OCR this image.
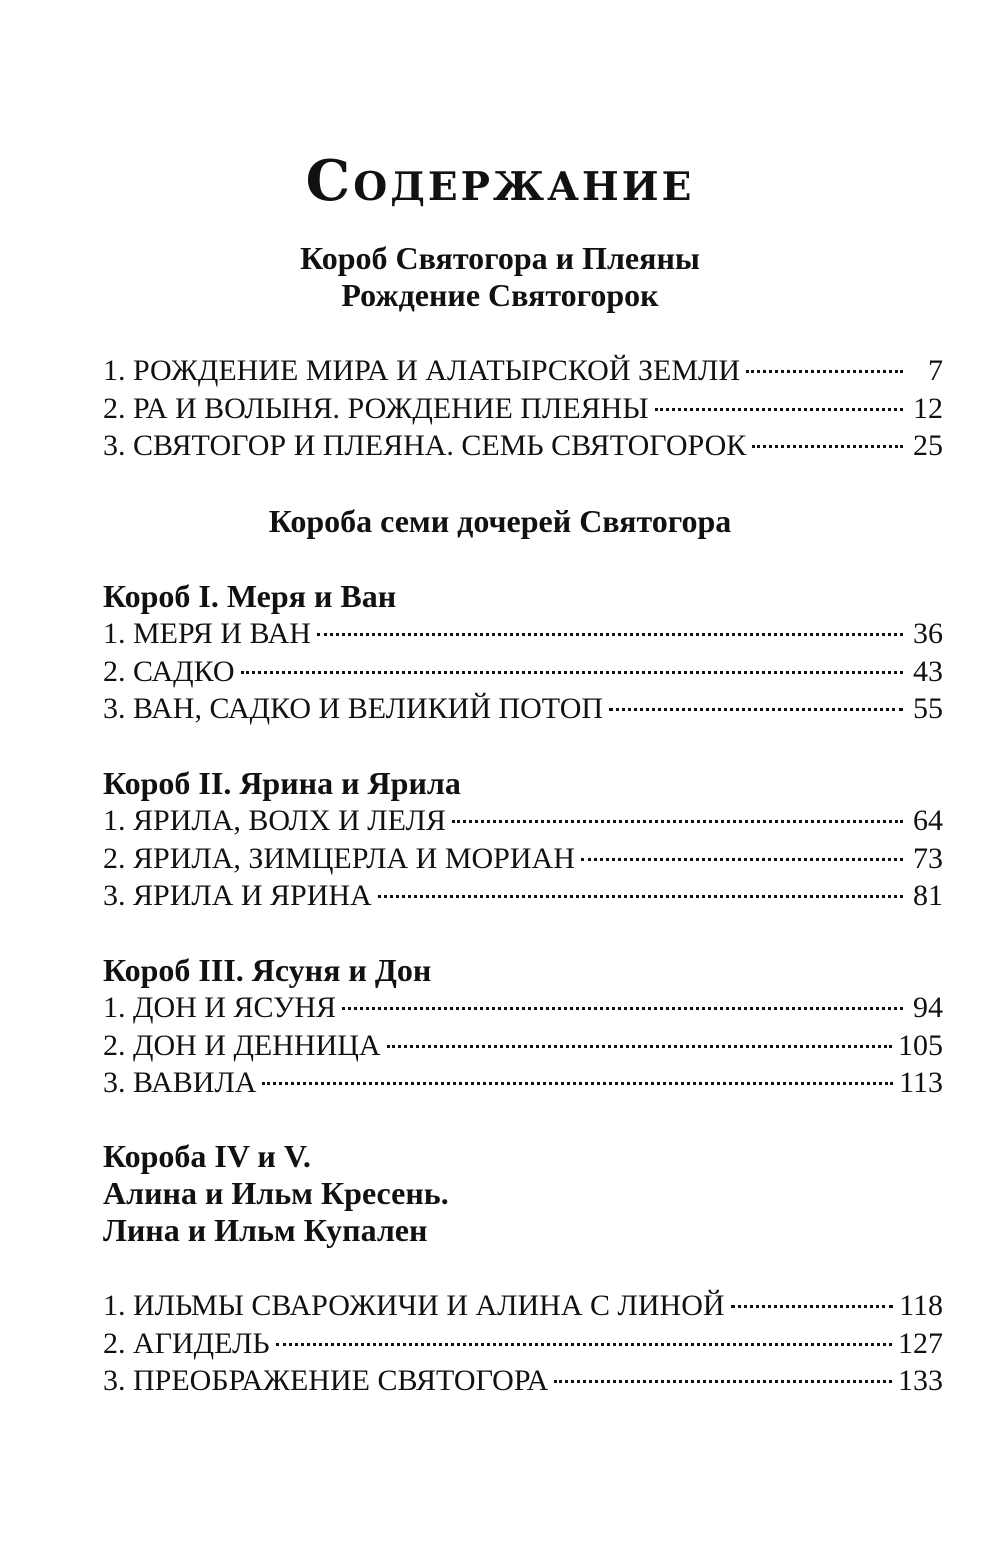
Содержание
Короб Святогора и Плеяны
Рождение Святогорок
1. РОЖДЕНИЕ МИРА И АЛАТЫРСКОЙ ЗЕМЛИ	7
2. РА И ВОЛЫНЯ. РОЖДЕНИЕ ПЛЕЯНЫ	12
3. СВЯТОГОР И ПЛЕЯНА. СЕМЬ СВЯТОГОРОК	25
Короба семи дочерей Святогора
Короб I. Меря и Ван
1. МЕРЯ И ВАН	36
2. САДКО	43
3. ВАН, САДКО И ВЕЛИКИЙ ПОТОП	55
Короб II. Ярина и Ярила
1. ЯРИЛА, ВОЛХ И ЛЕЛЯ	64
2. ЯРИЛА, ЗИМЦЕРЛА И МОРИАН	73
3. ЯРИЛА И ЯРИНА	81
Короб III. Ясуня и Дон
1. ДОН И ЯСУНЯ	94
2. ДОН И ДЕННИЦА	105
3. ВАВИЛА	113
Короба IV и V.
Алина и Ильм Кресень.
Лина и Ильм Купален
1. ИЛЬМЫ СВАРОЖИЧИ И АЛИНА С ЛИНОЙ	118
2. АГИДЕЛЬ	127
3. ПРЕОБРАЖЕНИЕ СВЯТОГОРА	133
